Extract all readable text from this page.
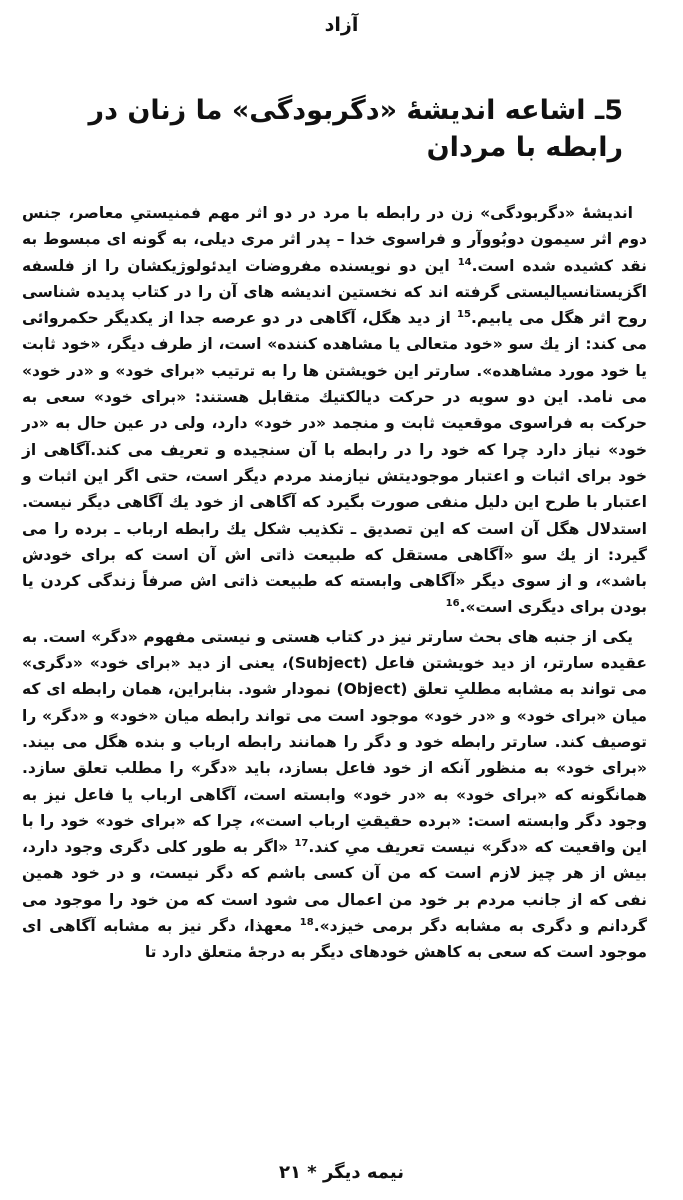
آزاد
5ـ اشاعه اندیشهٔ «دگربودگی» ما زنان در رابطه با مردان

اندیشهٔ «دگربودگی» زن در رابطه با مرد در دو اثر مهم فمنیستیِ معاصر، جنس دوم اثر سیمون دوبُووآر و فراسوی خدا – پدر اثر مری دیلی، به گونه ای مبسوط به نقد کشیده شده است.$^{14}$ این دو نویسنده مفروضات ایدئولوژیکشان را از فلسفه اگزیستانسیالیستی گرفته اند که نخستین اندیشه های آن را در کتاب پدیده شناسی روح اثر هگل می یابیم.$^{15}$ از دید هگل، آگاهی در دو عرصه جدا از یکدیگر حکمروائی می کند: از یك سو «خود متعالی یا مشاهده کننده» است، از طرف دیگر، «خود ثابت یا خود مورد مشاهده». سارتر این خویشتن ها را به ترتیب «برای خود» و «در خود» می نامد. این دو سویه در حرکت دیالکتیك متقابل هستند: «برای خود» سعی به حرکت به فراسوی موقعیت ثابت و منجمد «در خود» دارد، ولی در عین حال به «در خود» نیاز دارد چرا که خود را در رابطه با آن سنجیده و تعریف می کند.آگاهی از خود برای اثبات و اعتبار موجودیتش نیازمند مردم دیگر است، حتی اگر این اثبات و اعتبار با طرح این دلیل منفی صورت بگیرد که آگاهی از خود یك آگاهی دیگر نیست. استدلال هگل آن است که این تصدیق ـ تکذیب شکل یك رابطه ارباب ـ برده را می گیرد: از یك سو «آگاهی مستقل که طبیعت ذاتی اش آن است که برای خودش باشد»، و از سوی دیگر «آگاهی وابسته که طبیعت ذاتی اش صرفاً زندگی کردن یا بودن برای دیگری است».$^{16}$

یکی از جنبه های بحث سارتر نیز در کتاب هستی و نیستی مفهوم «دگر» است. به عقیده سارتر، از دید خویشتن فاعل (Subject)، یعنی از دید «برای خود» «دگری» می تواند به مشابه مطلبِ تعلق (Object) نمودار شود. بنابراین، همان رابطه ای که میان «برای خود» و «در خود» موجود است می تواند رابطه میان «خود» و «دگر» را توصیف کند. سارتر رابطه خود و دگر را همانند رابطه ارباب و بنده هگل می بیند. «برای خود» به منظور آنکه از خود فاعل بسازد، باید «دگر» را مطلب تعلق سازد. همانگونه که «برای خود» به «در خود» وابسته است، آگاهی ارباب یا فاعل نیز به وجود دگر وابسته است: «برده حقیقتِ ارباب است»، چرا که «برای خود» خود را با این واقعیت که «دگر» نیست تعریف میِ کند.$^{17}$ «اگر به طور کلی دگری وجود دارد، بیش از هر چیز لازم است که من آن کسی باشم که دگر نیست، و در خود همین نفی که از جانب مردم بر خود من اعمال می شود است که من خود را موجود می گردانم و دگری به مشابه دگر برمی خیزد».$^{18}$ معهذا، دگر نیز به مشابه آگاهی ای موجود است که سعی به کاهش خودهای دیگر به درجهٔ متعلق دارد تا

نیمه دیگر * ۲۱
